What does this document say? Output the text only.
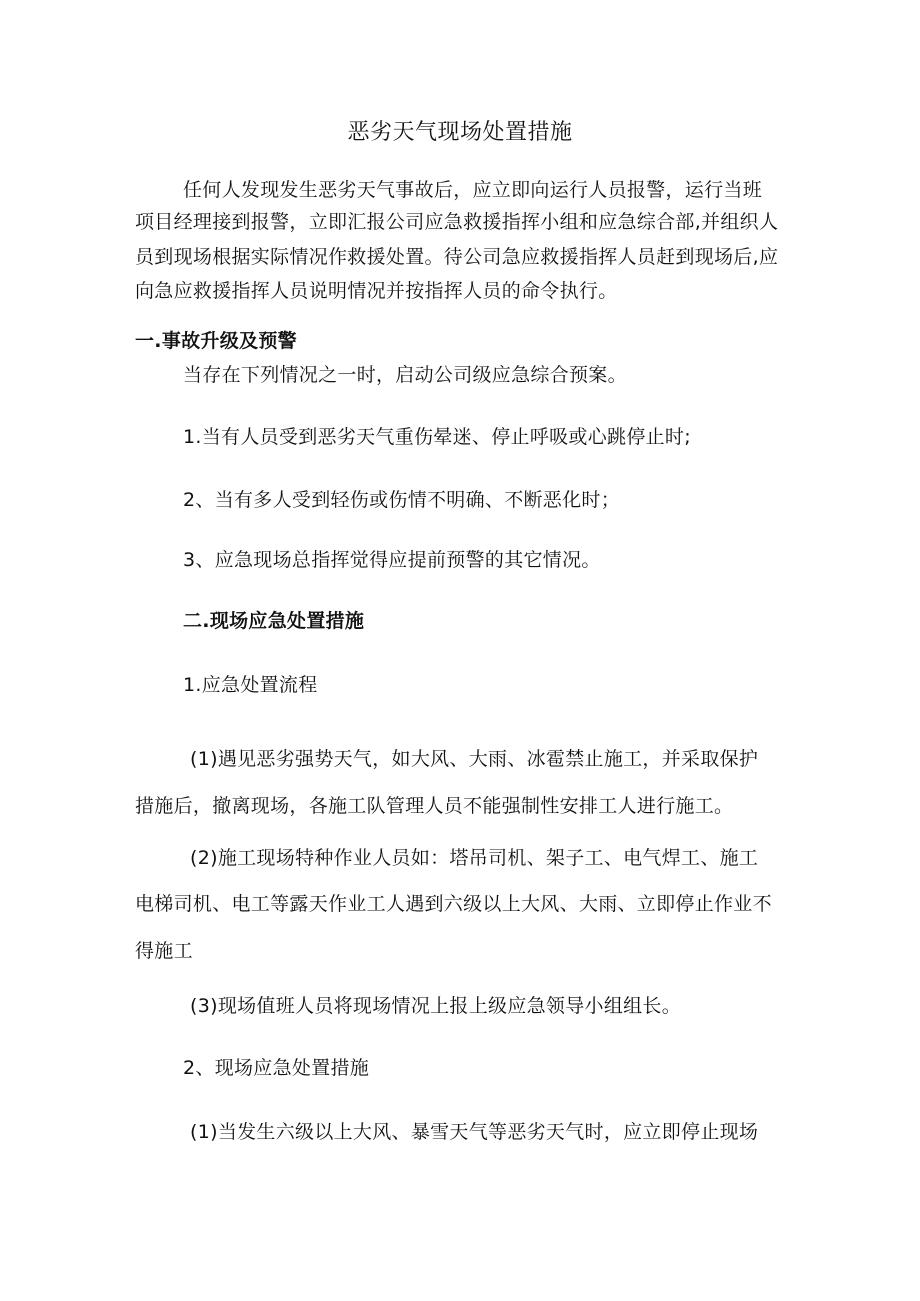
恶劣天气现场处置措施
任何人发现发生恶劣天气事故后，应立即向运行人员报警，运行当班
项目经理接到报警，立即汇报公司应急救援指挥小组和应急综合部,并组织人
员到现场根据实际情况作救援处置。待公司急应救援指挥人员赶到现场后,应
向急应救援指挥人员说明情况并按指挥人员的命令执行。
一.事故升级及预警
当存在下列情况之一时，启动公司级应急综合预案。
1.当有人员受到恶劣天气重伤晕迷、停止呼吸或心跳停止时;
2、当有多人受到轻伤或伤情不明确、不断恶化时；
3、应急现场总指挥觉得应提前预警的其它情况。
二.现场应急处置措施
1.应急处置流程
(1)遇见恶劣强势天气，如大风、大雨、冰雹禁止施工，并采取保护
措施后，撤离现场，各施工队管理人员不能强制性安排工人进行施工。
(2)施工现场特种作业人员如：塔吊司机、架子工、电气焊工、施工
电梯司机、电工等露天作业工人遇到六级以上大风、大雨、立即停止作业不
得施工
(3)现场值班人员将现场情况上报上级应急领导小组组长。
2、现场应急处置措施
(1)当发生六级以上大风、暴雪天气等恶劣天气时，应立即停止现场
